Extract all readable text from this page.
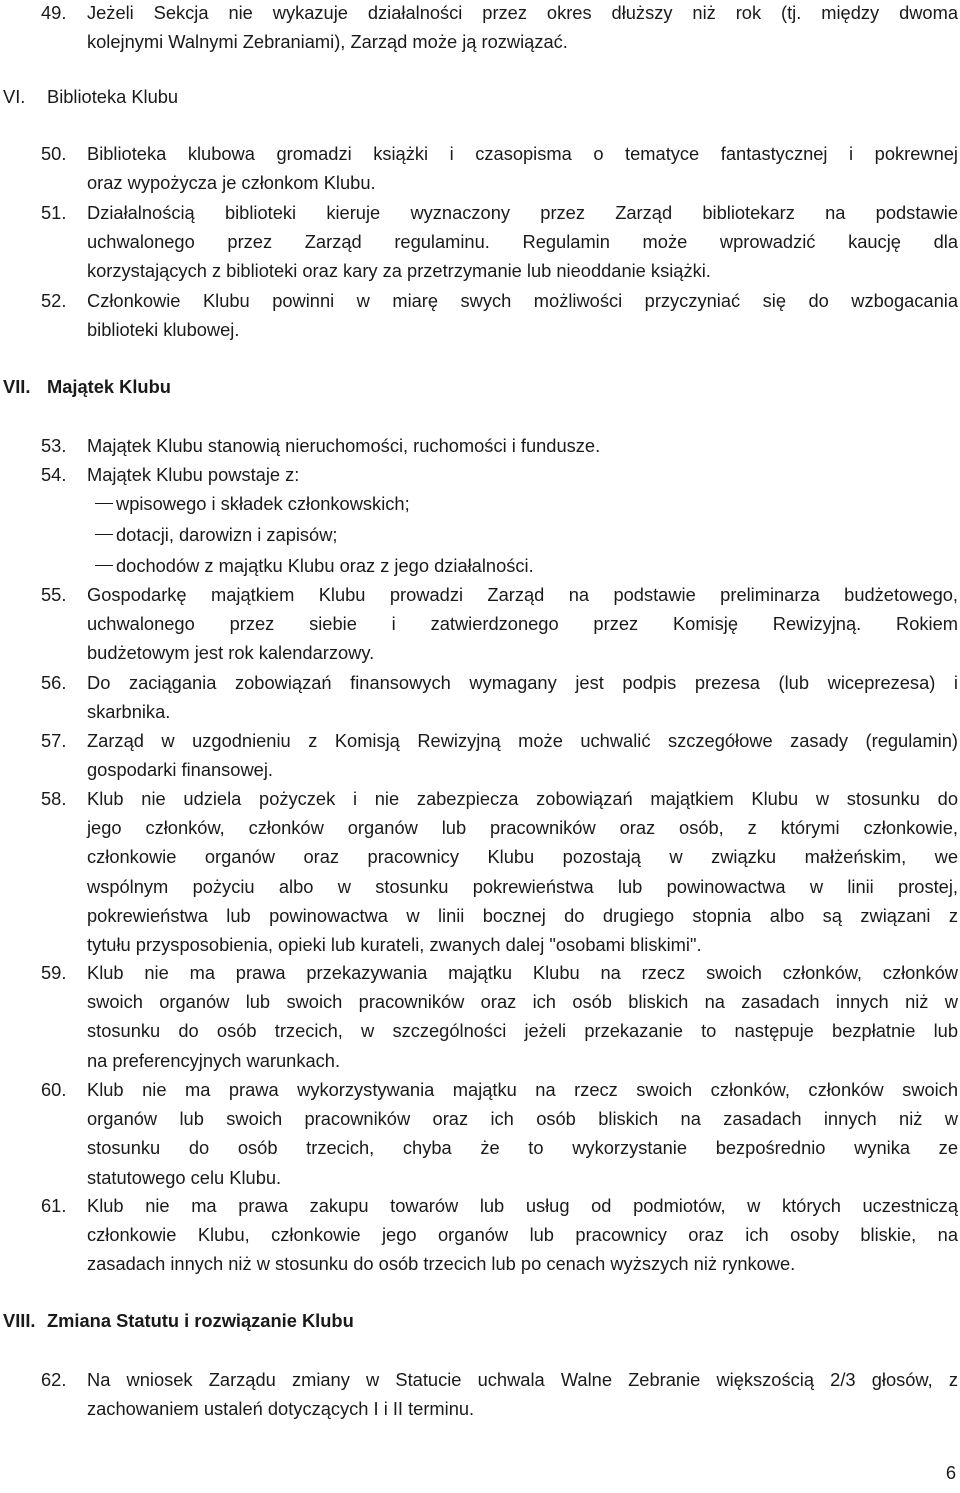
49.	Jeżeli Sekcja nie wykazuje działalności przez okres dłuższy niż rok (tj. między dwoma
kolejnymi Walnymi Zebraniami), Zarząd może ją rozwiązać.
VI. Biblioteka Klubu
50.	Biblioteka klubowa gromadzi książki i czasopisma o tematyce fantastycznej i pokrewnej
oraz wypożycza je członkom Klubu.
51.	Działalnością biblioteki kieruje wyznaczony przez Zarząd bibliotekarz na podstawie
uchwalonego przez Zarząd regulaminu. Regulamin może wprowadzić kaucję dla
korzystających z biblioteki oraz kary za przetrzymanie lub nieoddanie książki.
52.	Członkowie Klubu powinni w miarę swych możliwości przyczyniać się do wzbogacania
biblioteki klubowej.
VII. Majątek Klubu
53.	Majątek Klubu stanowią nieruchomości, ruchomości i fundusze.
54.	Majątek Klubu powstaje z:
wpisowego i składek członkowskich;
dotacji, darowizn i zapisów;
dochodów z majątku Klubu oraz z jego działalności.
55.	Gospodarkę majątkiem Klubu prowadzi Zarząd na podstawie preliminarza budżetowego,
uchwalonego przez siebie i zatwierdzonego przez Komisję Rewizyjną. Rokiem
budżetowym jest rok kalendarzowy.
56.	Do zaciągania zobowiązań finansowych wymagany jest podpis prezesa (lub wiceprezesa) i
skarbnika.
57.	Zarząd w uzgodnieniu z Komisją Rewizyjną może uchwalić szczegółowe zasady (regulamin)
gospodarki finansowej.
58.	Klub nie udziela pożyczek i nie zabezpiecza zobowiązań majątkiem Klubu w stosunku do
jego członków, członków organów lub pracowników oraz osób, z którymi członkowie,
członkowie organów oraz pracownicy Klubu pozostają w związku małżeńskim, we
wspólnym pożyciu albo w stosunku pokrewieństwa lub powinowactwa w linii prostej,
pokrewieństwa lub powinowactwa w linii bocznej do drugiego stopnia albo są związani z
tytułu przysposobienia, opieki lub kurateli, zwanych dalej "osobami bliskimi".
59.	Klub nie ma prawa przekazywania majątku Klubu na rzecz swoich członków, członków
swoich organów lub swoich pracowników oraz ich osób bliskich na zasadach innych niż w
stosunku do osób trzecich, w szczególności jeżeli przekazanie to następuje bezpłatnie lub
na preferencyjnych warunkach.
60.	Klub nie ma prawa wykorzystywania majątku na rzecz swoich członków, członków swoich
organów lub swoich pracowników oraz ich osób bliskich na zasadach innych niż w
stosunku do osób trzecich, chyba że to wykorzystanie bezpośrednio wynika ze
statutowego celu Klubu.
61.	Klub nie ma prawa zakupu towarów lub usług od podmiotów, w których uczestniczą
członkowie Klubu, członkowie jego organów lub pracownicy oraz ich osoby bliskie, na
zasadach innych niż w stosunku do osób trzecich lub po cenach wyższych niż rynkowe.
VIII. Zmiana Statutu i rozwiązanie Klubu
62.	Na wniosek Zarządu zmiany w Statucie uchwala Walne Zebranie większością 2/3 głosów, z
zachowaniem ustaleń dotyczących I i II terminu.
6
